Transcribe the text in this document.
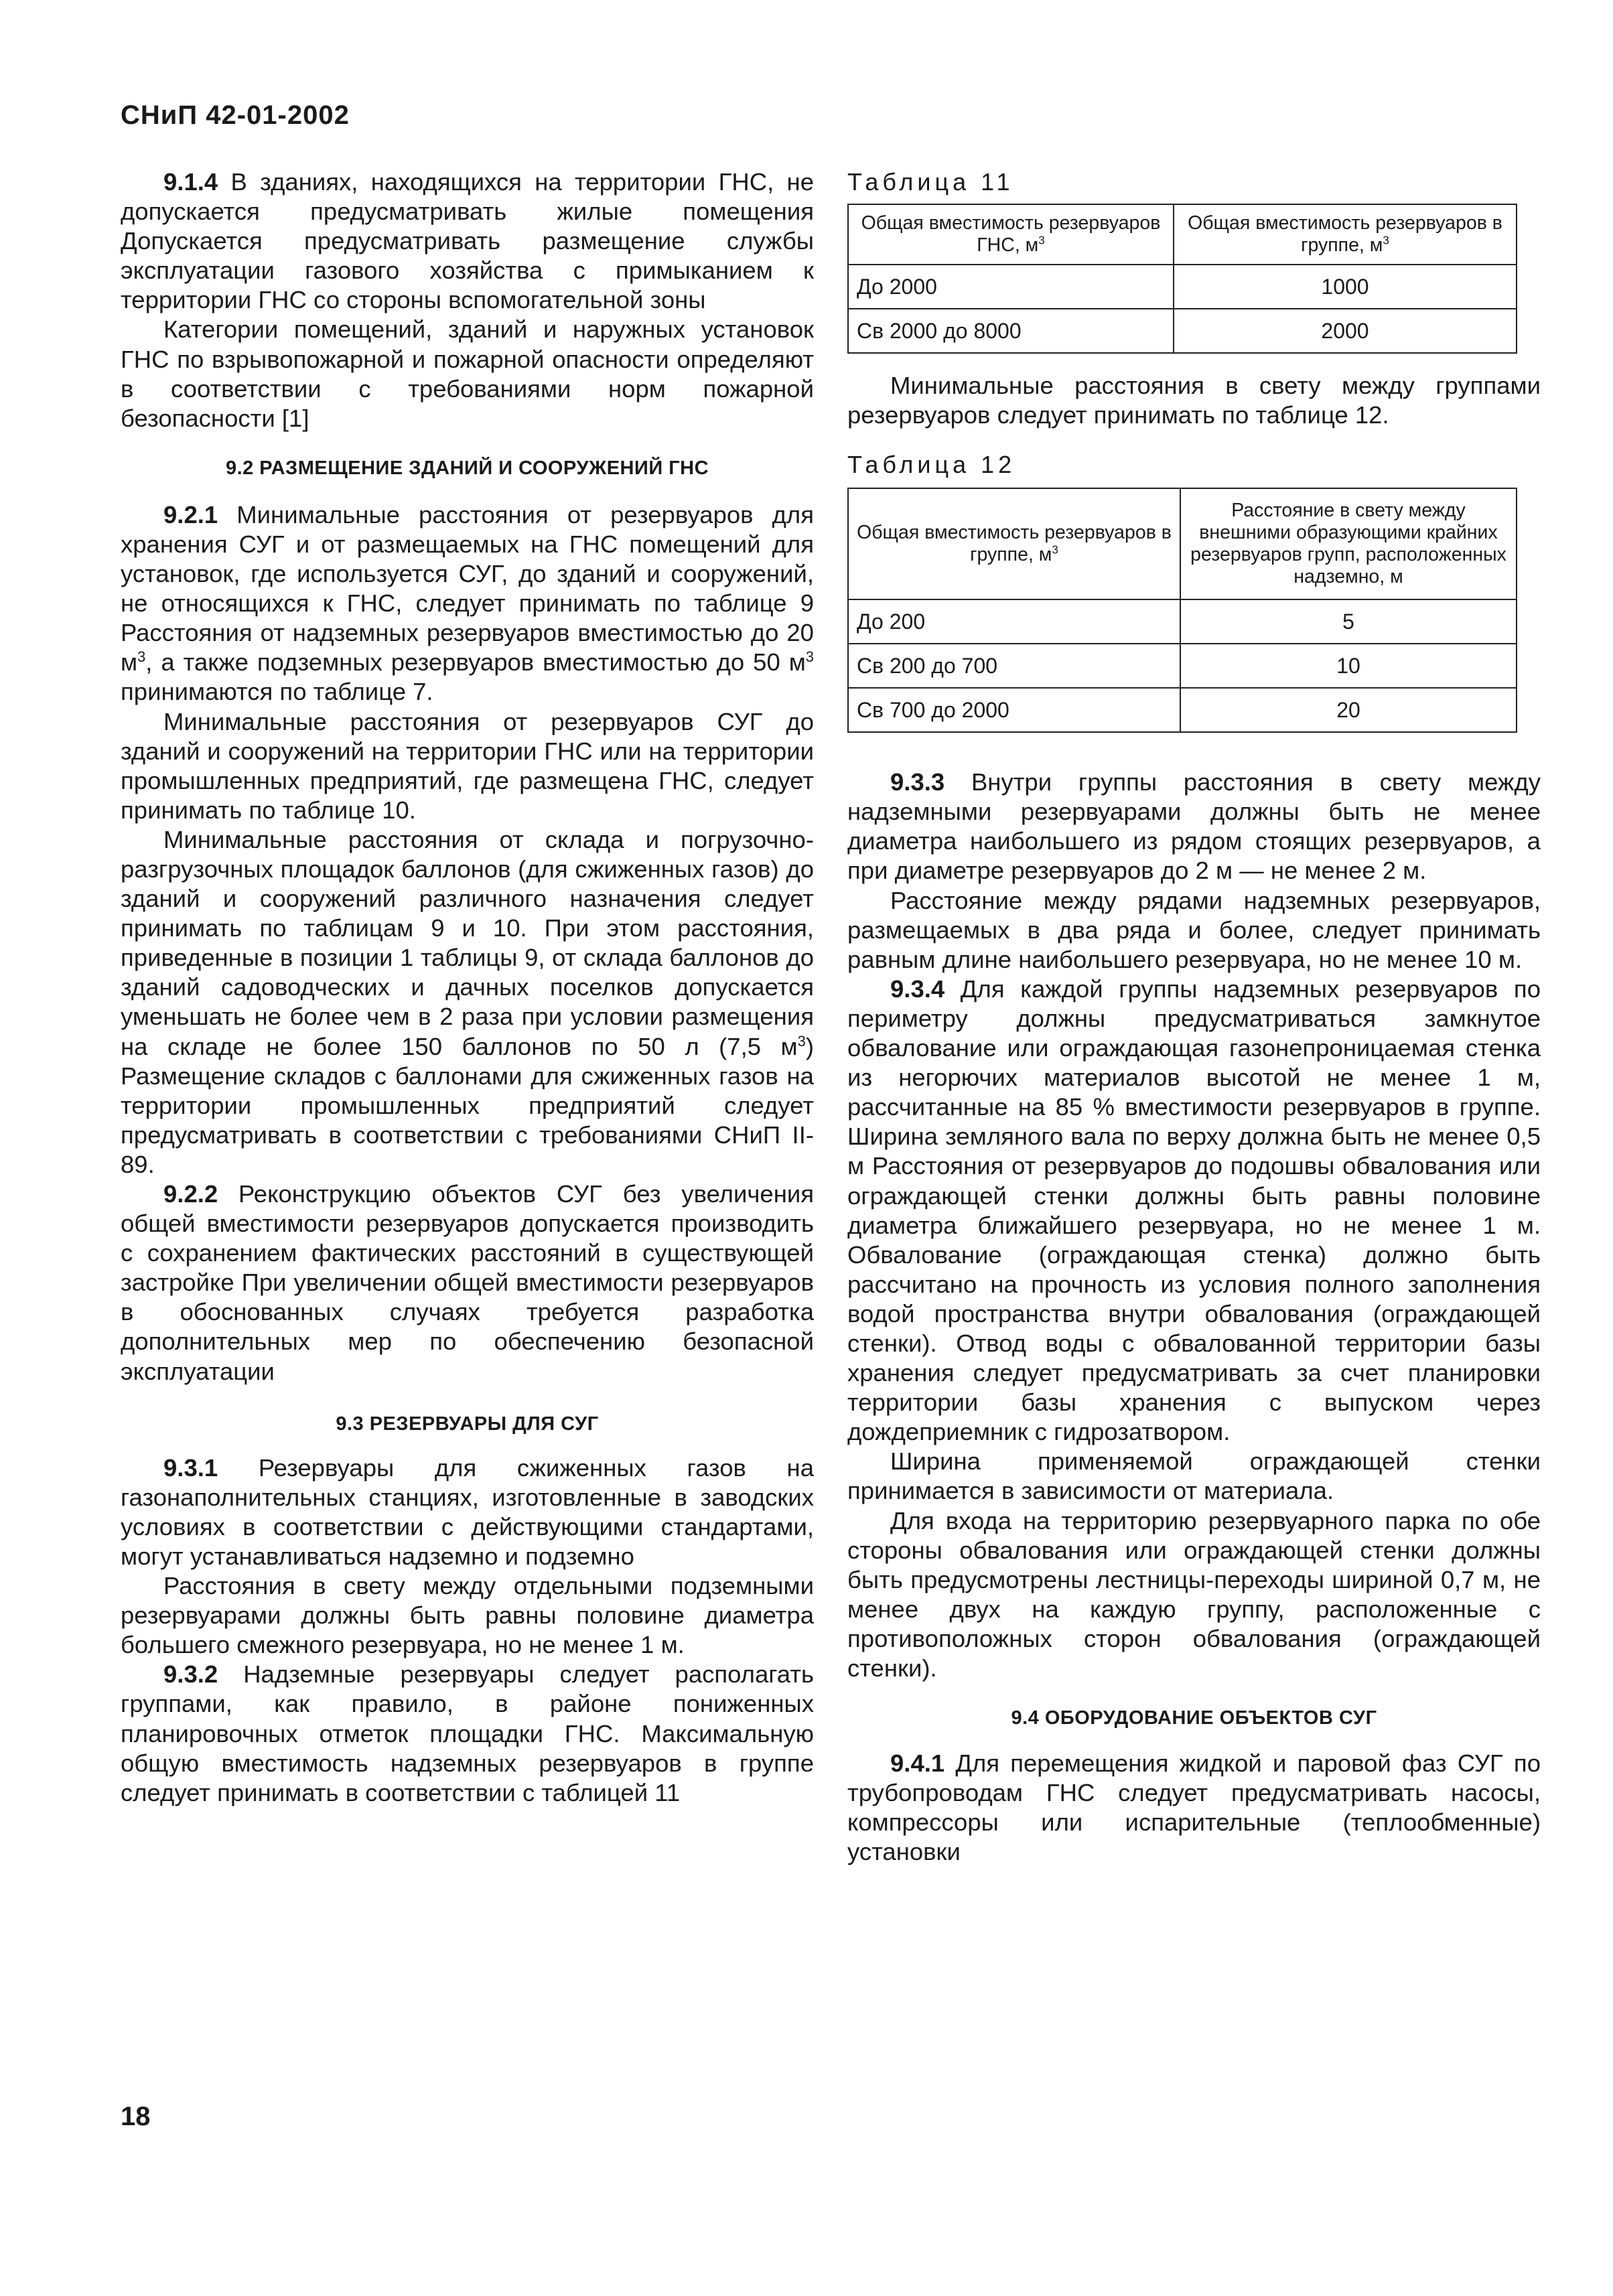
СНиП 42-01-2002

9.1.4 В зданиях, находящихся на территории ГНС, не допускается предусматривать жилые помещения Допускается предусматривать размещение службы эксплуатации газового хозяйства с примыканием к территории ГНС со стороны вспомогательной зоны

Категории помещений, зданий и наружных установок ГНС по взрывопожарной и пожарной опасности определяют в соответствии с требованиями норм пожарной безопасности [1]

9.2 РАЗМЕЩЕНИЕ ЗДАНИЙ И СООРУЖЕНИЙ ГНС

9.2.1 Минимальные расстояния от резервуаров для хранения СУГ и от размещаемых на ГНС помещений для установок, где используется СУГ, до зданий и сооружений, не относящихся к ГНС, следует принимать по таблице 9 Расстояния от надземных резервуаров вместимостью до 20 $м^3$, а также подземных резервуаров вместимостью до 50 $м^3$ принимаются по таблице 7.

Минимальные расстояния от резервуаров СУГ до зданий и сооружений на территории ГНС или на территории промышленных предприятий, где размещена ГНС, следует принимать по таблице 10.

Минимальные расстояния от склада и погрузочно-разгрузочных площадок баллонов (для сжиженных газов) до зданий и сооружений различного назначения следует принимать по таблицам 9 и 10. При этом расстояния, приведенные в позиции 1 таблицы 9, от склада баллонов до зданий садоводческих и дачных поселков допускается уменьшать не более чем в 2 раза при условии размещения на складе не более 150 баллонов по 50 л (7,5 $м^3$) Размещение складов с баллонами для сжиженных газов на территории промышленных предприятий следует предусматривать в соответствии с требованиями СНиП II-89.

9.2.2 Реконструкцию объектов СУГ без увеличения общей вместимости резервуаров допускается производить с сохранением фактических расстояний в существующей застройке При увеличении общей вместимости резервуаров в обоснованных случаях требуется разработка дополнительных мер по обеспечению безопасной эксплуатации

9.3 РЕЗЕРВУАРЫ ДЛЯ СУГ

9.3.1 Резервуары для сжиженных газов на газонаполнительных станциях, изготовленные в заводских условиях в соответствии с действующими стандартами, могут устанавливаться надземно и подземно

Расстояния в свету между отдельными подземными резервуарами должны быть равны половине диаметра большего смежного резервуара, но не менее 1 м.

9.3.2 Надземные резервуары следует располагать группами, как правило, в районе пониженных планировочных отметок площадки ГНС. Максимальную общую вместимость надземных резервуаров в группе следует принимать в соответствии с таблицей 11

Таблица 11
Общая вместимость резервуаров ГНС, $м^3$	Общая вместимость резервуаров в группе, $м^3$
До 2000	1000
Св 2000 до 8000	2000

Минимальные расстояния в свету между группами резервуаров следует принимать по таблице 12.

Таблица 12
Общая вместимость резервуаров в группе, $м^3$	Расстояние в свету между внешними образующими крайних резервуаров групп, расположенных надземно, м
До 200	5
Св 200 до 700	10
Св 700 до 2000	20

9.3.3 Внутри группы расстояния в свету между надземными резервуарами должны быть не менее диаметра наибольшего из рядом стоящих резервуаров, а при диаметре резервуаров до 2 м — не менее 2 м.

Расстояние между рядами надземных резервуаров, размещаемых в два ряда и более, следует принимать равным длине наибольшего резервуара, но не менее 10 м.

9.3.4 Для каждой группы надземных резервуаров по периметру должны предусматриваться замкнутое обвалование или ограждающая газонепроницаемая стенка из негорючих материалов высотой не менее 1 м, рассчитанные на 85 % вместимости резервуаров в группе. Ширина земляного вала по верху должна быть не менее 0,5 м Расстояния от резервуаров до подошвы обвалования или ограждающей стенки должны быть равны половине диаметра ближайшего резервуара, но не менее 1 м. Обвалование (ограждающая стенка) должно быть рассчитано на прочность из условия полного заполнения водой пространства внутри обвалования (ограждающей стенки). Отвод воды с обвалованной территории базы хранения следует предусматривать за счет планировки территории базы хранения с выпуском через дождеприемник с гидрозатвором.

Ширина применяемой ограждающей стенки принимается в зависимости от материала.

Для входа на территорию резервуарного парка по обе стороны обвалования или ограждающей стенки должны быть предусмотрены лестницы-переходы шириной 0,7 м, не менее двух на каждую группу, расположенные с противоположных сторон обвалования (ограждающей стенки).

9.4 ОБОРУДОВАНИЕ ОБЪЕКТОВ СУГ

9.4.1 Для перемещения жидкой и паровой фаз СУГ по трубопроводам ГНС следует предусматривать насосы, компрессоры или испарительные (теплообменные) установки

18
